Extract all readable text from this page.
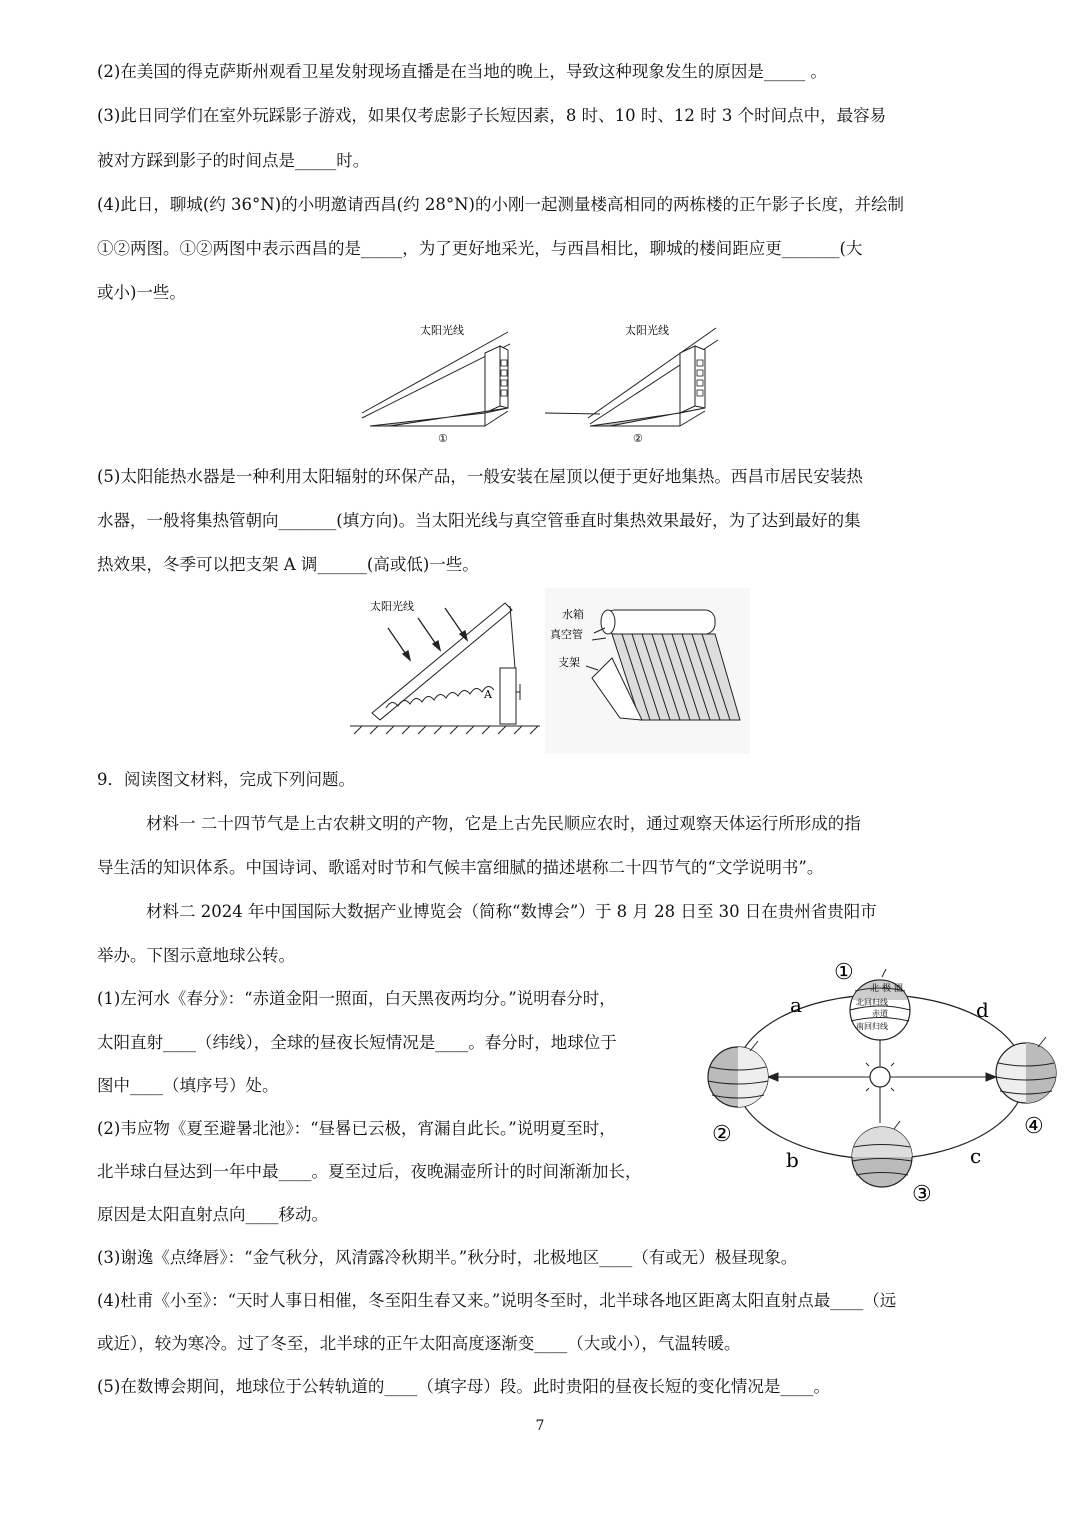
(2)在美国的得克萨斯州观看卫星发射现场直播是在当地的晚上，导致这种现象发生的原因是_____ 。
(3)此日同学们在室外玩踩影子游戏，如果仅考虑影子长短因素，8 时、10 时、12 时 3 个时间点中，最容易
被对方踩到影子的时间点是_____时。
(4)此日，聊城(约 36°N)的小明邀请西昌(约 28°N)的小刚一起测量楼高相同的两栋楼的正午影子长度，并绘制
①②两图。①②两图中表示西昌的是_____，为了更好地采光，与西昌相比，聊城的楼间距应更_______(大
或小)一些。
太阳光线
①
太阳光线
②
(5)太阳能热水器是一种利用太阳辐射的环保产品，一般安装在屋顶以便于更好地集热。西昌市居民安装热
水器，一般将集热管朝向_______(填方向)。当太阳光线与真空管垂直时集热效果最好，为了达到最好的集
热效果，冬季可以把支架 A 调______(高或低)一些。
太阳光线
A
水箱
真空管
支架
9．阅读图文材料，完成下列问题。
材料一 二十四节气是上古农耕文明的产物，它是上古先民顺应农时，通过观察天体运行所形成的指
导生活的知识体系。中国诗词、歌谣对时节和气候丰富细腻的描述堪称二十四节气的“文学说明书”。
材料二 2024 年中国国际大数据产业博览会（简称“数博会”）于 8 月 28 日至 30 日在贵州省贵阳市
举办。下图示意地球公转。
(1)左河水《春分》：“赤道金阳一照面，白天黑夜两均分。”说明春分时，
太阳直射____（纬线），全球的昼夜长短情况是____。春分时，地球位于
图中____（填序号）处。
(2)韦应物《夏至避暑北池》：“昼晷已云极，宵漏自此长。”说明夏至时，
北半球白昼达到一年中最____。夏至过后，夜晚漏壶所计的时间渐渐加长，
原因是太阳直射点向____移动。
(3)谢逸《点绛唇》：“金气秋分，风清露冷秋期半。”秋分时，北极地区____（有或无）极昼现象。
(4)杜甫《小至》：“天时人事日相催，冬至阳生春又来。”说明冬至时，北半球各地区距离太阳直射点最____（远
或近），较为寒冷。过了冬至，北半球的正午太阳高度逐渐变____（大或小），气温转暖。
(5)在数博会期间，地球位于公转轨道的____（填字母）段。此时贵阳的昼夜长短的变化情况是____。
北 极 圈
北回归线
赤道
南回归线
a	d
b	c
①
②
③
④
7
